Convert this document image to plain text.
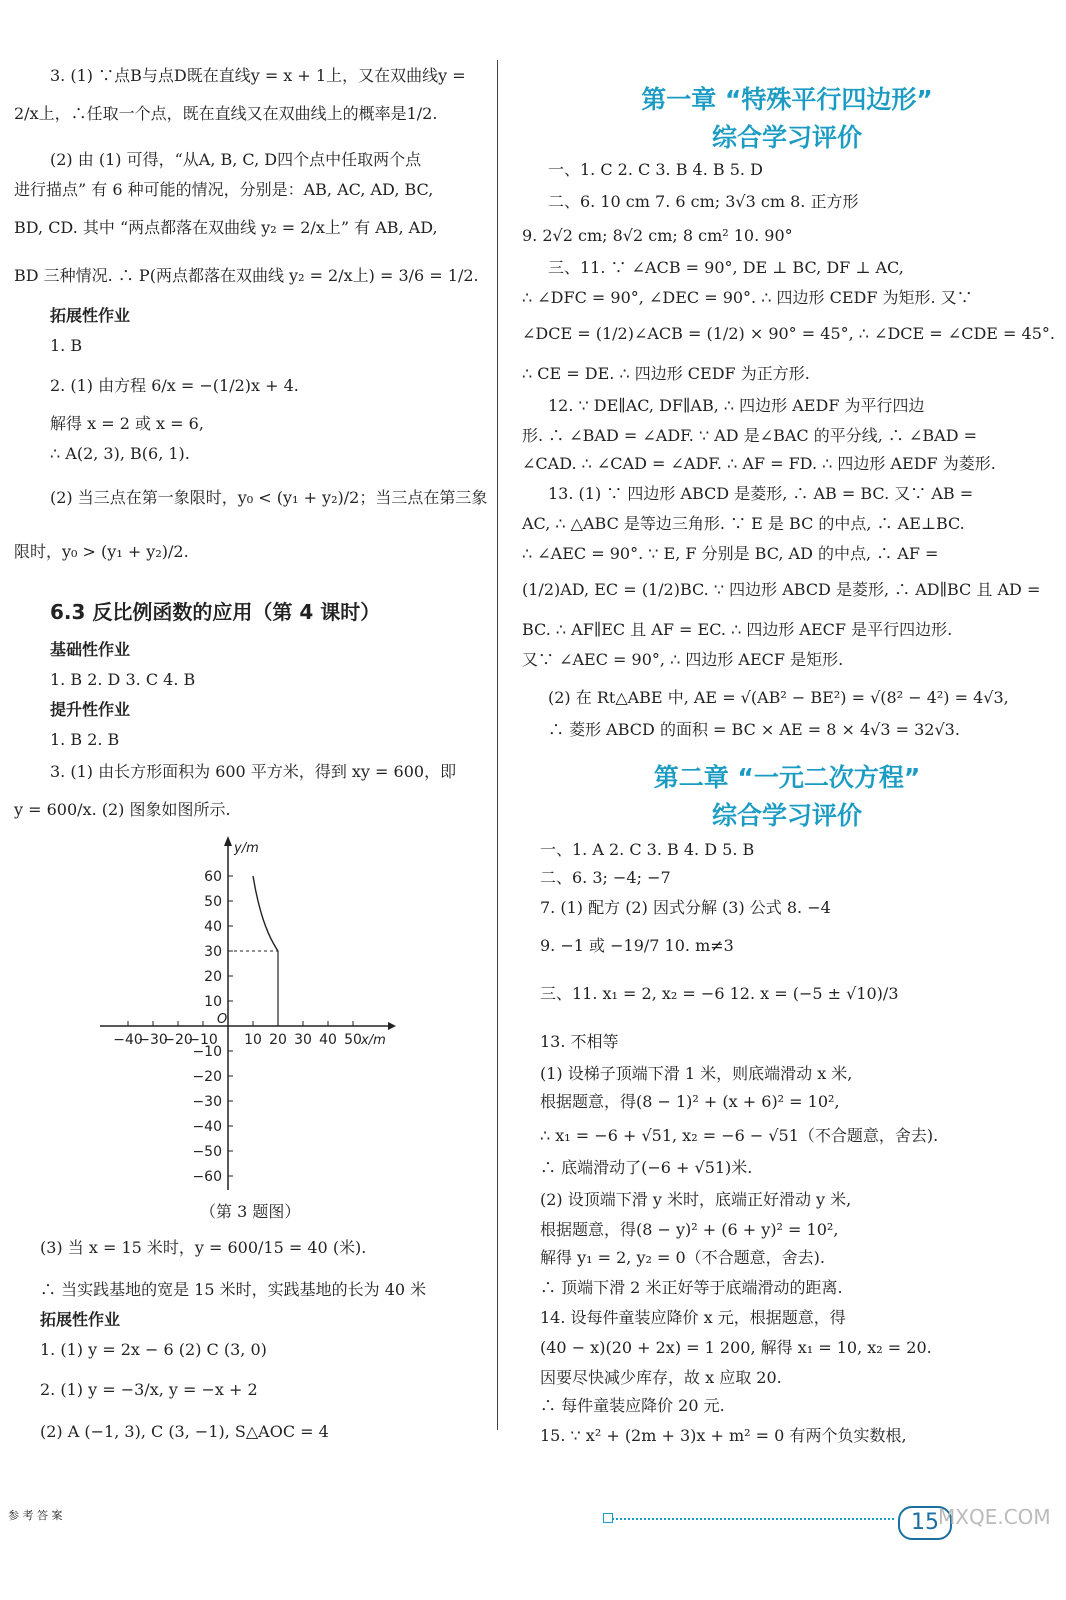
3. (1) ∵点B与点D既在直线y = x + 1上，又在双曲线y =
2/x上，∴任取一个点，既在直线又在双曲线上的概率是1/2.
(2) 由 (1) 可得，“从A, B, C, D四个点中任取两个点
进行描点” 有 6 种可能的情况，分别是：AB, AC, AD, BC,
BD, CD. 其中 “两点都落在双曲线 y₂ = 2/x上” 有 AB, AD,
BD 三种情况. ∴ P(两点都落在双曲线 y₂ = 2/x上) = 3/6 = 1/2.
拓展性作业
1. B
2. (1) 由方程 6/x = −(1/2)x + 4.
解得 x = 2 或 x = 6,
∴ A(2, 3), B(6, 1).
(2) 当三点在第一象限时，y₀ < (y₁ + y₂)/2；当三点在第三象
限时，y₀ > (y₁ + y₂)/2.
6.3 反比例函数的应用（第 4 课时）
基础性作业
1. B 2. D 3. C 4. B
提升性作业
1. B 2. B
3. (1) 由长方形面积为 600 平方米，得到 xy = 600，即
y = 600/x. (2) 图象如图所示.
−40
−30
−20
−10 10 20 30 40 50
60
50
40
30
20
10
−10
−20
−30
−40
−50
−60
O
y/m
x/m
（第 3 题图）
(3) 当 x = 15 米时，y = 600/15 = 40 (米).
∴ 当实践基地的宽是 15 米时，实践基地的长为 40 米
拓展性作业
1. (1) y = 2x − 6 (2) C (3, 0)
2. (1) y = −3/x, y = −x + 2
(2) A (−1, 3), C (3, −1), S△AOC = 4
第一章 “特殊平行四边形”
综合学习评价
一、1. C 2. C 3. B 4. B 5. D
二、6. 10 cm 7. 6 cm; 3√3 cm 8. 正方形
9. 2√2 cm; 8√2 cm; 8 cm² 10. 90°
三、11. ∵ ∠ACB = 90°, DE ⊥ BC, DF ⊥ AC,
∴ ∠DFC = 90°, ∠DEC = 90°. ∴ 四边形 CEDF 为矩形. 又∵
∠DCE = (1/2)∠ACB = (1/2) × 90° = 45°, ∴ ∠DCE = ∠CDE = 45°.
∴ CE = DE. ∴ 四边形 CEDF 为正方形.
12. ∵ DE∥AC, DF∥AB, ∴ 四边形 AEDF 为平行四边
形. ∴ ∠BAD = ∠ADF. ∵ AD 是∠BAC 的平分线, ∴ ∠BAD =
∠CAD. ∴ ∠CAD = ∠ADF. ∴ AF = FD. ∴ 四边形 AEDF 为菱形.
13. (1) ∵ 四边形 ABCD 是菱形, ∴ AB = BC. 又∵ AB =
AC, ∴ △ABC 是等边三角形. ∵ E 是 BC 的中点, ∴ AE⊥BC.
∴ ∠AEC = 90°. ∵ E, F 分别是 BC, AD 的中点, ∴ AF =
(1/2)AD, EC = (1/2)BC. ∵ 四边形 ABCD 是菱形, ∴ AD∥BC 且 AD =
BC. ∴ AF∥EC 且 AF = EC. ∴ 四边形 AECF 是平行四边形.
又∵ ∠AEC = 90°, ∴ 四边形 AECF 是矩形.
(2) 在 Rt△ABE 中, AE = √(AB² − BE²) = √(8² − 4²) = 4√3,
∴ 菱形 ABCD 的面积 = BC × AE = 8 × 4√3 = 32√3.
第二章 “一元二次方程”
综合学习评价
一、1. A 2. C 3. B 4. D 5. B
二、6. 3; −4; −7
7. (1) 配方 (2) 因式分解 (3) 公式 8. −4
9. −1 或 −19/7 10. m≠3
三、11. x₁ = 2, x₂ = −6 12. x = (−5 ± √10)/3
13. 不相等
(1) 设梯子顶端下滑 1 米，则底端滑动 x 米,
根据题意，得(8 − 1)² + (x + 6)² = 10²,
∴ x₁ = −6 + √51, x₂ = −6 − √51（不合题意，舍去).
∴ 底端滑动了(−6 + √51)米.
(2) 设顶端下滑 y 米时，底端正好滑动 y 米,
根据题意，得(8 − y)² + (6 + y)² = 10²,
解得 y₁ = 2, y₂ = 0（不合题意，舍去).
∴ 顶端下滑 2 米正好等于底端滑动的距离.
14. 设每件童装应降价 x 元，根据题意，得
(40 − x)(20 + 2x) = 1 200, 解得 x₁ = 10, x₂ = 20.
因要尽快减少库存，故 x 应取 20.
∴ 每件童装应降价 20 元.
15. ∵ x² + (2m + 3)x + m² = 0 有两个负实数根,
参 考 答 案	15 MXQE.COM
